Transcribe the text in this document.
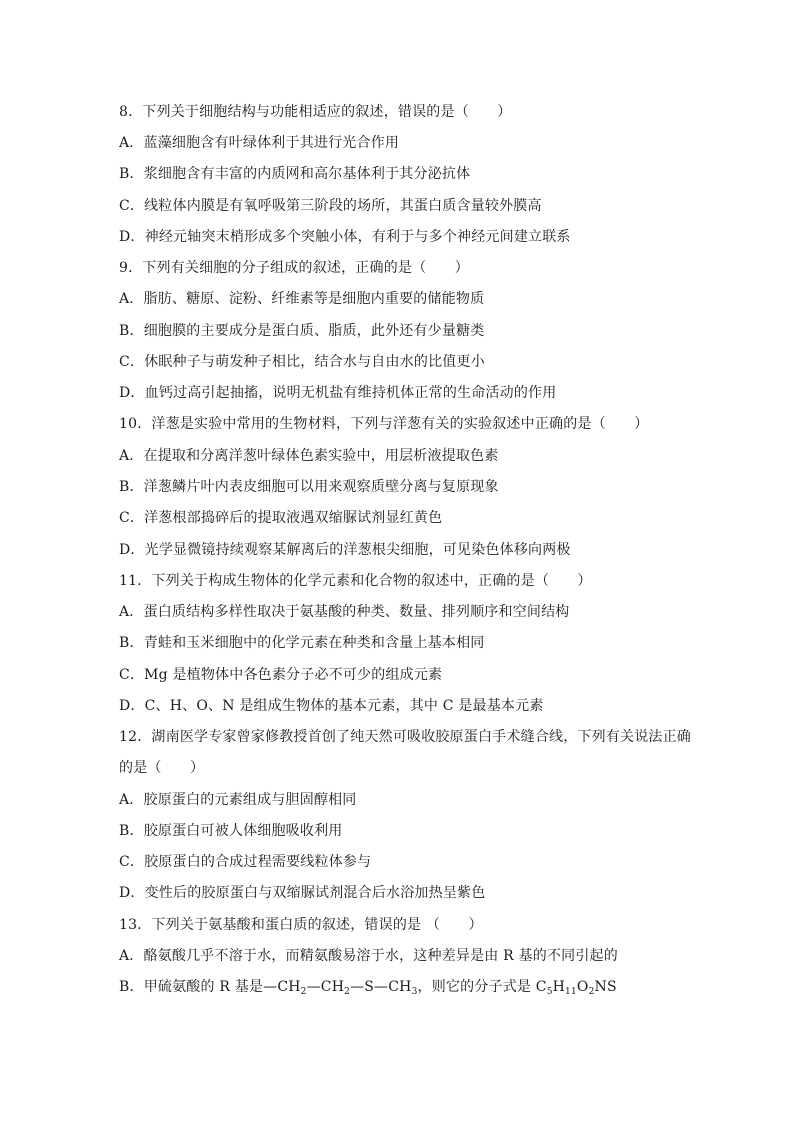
8．下列关于细胞结构与功能相适应的叙述，错误的是（　　）
A．蓝藻细胞含有叶绿体利于其进行光合作用
B．浆细胞含有丰富的内质网和高尔基体利于其分泌抗体
C．线粒体内膜是有氧呼吸第三阶段的场所，其蛋白质含量较外膜高
D．神经元轴突末梢形成多个突触小体，有利于与多个神经元间建立联系
9．下列有关细胞的分子组成的叙述，正确的是（　　）
A．脂肪、糖原、淀粉、纤维素等是细胞内重要的储能物质
B．细胞膜的主要成分是蛋白质、脂质，此外还有少量糖类
C．休眠种子与萌发种子相比，结合水与自由水的比值更小
D．血钙过高引起抽搐，说明无机盐有维持机体正常的生命活动的作用
10．洋葱是实验中常用的生物材料，下列与洋葱有关的实验叙述中正确的是（　　）
A．在提取和分离洋葱叶绿体色素实验中，用层析液提取色素
B．洋葱鳞片叶内表皮细胞可以用来观察质壁分离与复原现象
C．洋葱根部捣碎后的提取液遇双缩脲试剂显红黄色
D．光学显微镜持续观察某解离后的洋葱根尖细胞，可见染色体移向两极
11．下列关于构成生物体的化学元素和化合物的叙述中，正确的是（　　）
A．蛋白质结构多样性取决于氨基酸的种类、数量、排列顺序和空间结构
B．青蛙和玉米细胞中的化学元素在种类和含量上基本相同
C．Mg 是植物体中各色素分子必不可少的组成元素
D．C、H、O、N 是组成生物体的基本元素，其中 C 是最基本元素
12．湖南医学专家曾家修教授首创了纯天然可吸收胶原蛋白手术缝合线，下列有关说法正确
的是（　　）
A．胶原蛋白的元素组成与胆固醇相同
B．胶原蛋白可被人体细胞吸收利用
C．胶原蛋白的合成过程需要线粒体参与
D．变性后的胶原蛋白与双缩脲试剂混合后水浴加热呈紫色
13．下列关于氨基酸和蛋白质的叙述，错误的是 （　　）
A．酪氨酸几乎不溶于水，而精氨酸易溶于水，这种差异是由 R 基的不同引起的
B．甲硫氨酸的 R 基是$—CH_2—CH_2—S—CH_3$，则它的分子式是 $C_5H_{11}O_2NS$
